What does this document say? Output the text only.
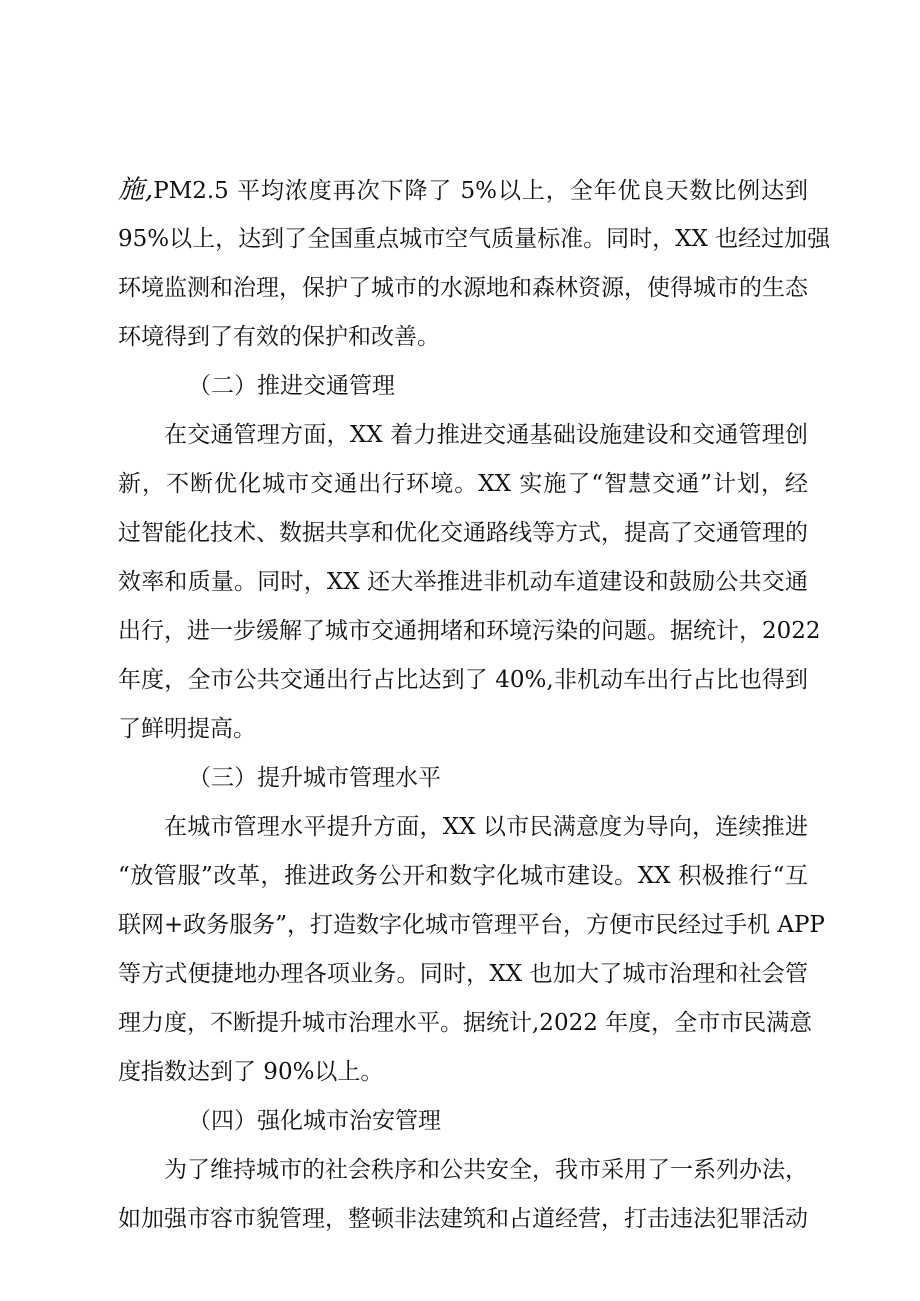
施,PM2.5 平均浓度再次下降了 5%以上，全年优良天数比例达到
95%以上，达到了全国重点城市空气质量标准。同时，XX 也经过加强
环境监测和治理，保护了城市的水源地和森林资源，使得城市的生态
环境得到了有效的保护和改善。
（二）推进交通管理
在交通管理方面，XX 着力推进交通基础设施建设和交通管理创
新，不断优化城市交通出行环境。XX 实施了“智慧交通”计划，经
过智能化技术、数据共享和优化交通路线等方式，提高了交通管理的
效率和质量。同时，XX 还大举推进非机动车道建设和鼓励公共交通
出行，进一步缓解了城市交通拥堵和环境污染的问题。据统计，2022
年度，全市公共交通出行占比达到了 40%,非机动车出行占比也得到
了鲜明提高。
（三）提升城市管理水平
在城市管理水平提升方面，XX 以市民满意度为导向，连续推进
“放管服”改革，推进政务公开和数字化城市建设。XX 积极推行“互
联网+政务服务”，打造数字化城市管理平台，方便市民经过手机 APP
等方式便捷地办理各项业务。同时，XX 也加大了城市治理和社会管
理力度，不断提升城市治理水平。据统计,2022 年度，全市市民满意
度指数达到了 90%以上。
（四）强化城市治安管理
为了维持城市的社会秩序和公共安全，我市采用了一系列办法，
如加强市容市貌管理，整顿非法建筑和占道经营，打击违法犯罪活动
